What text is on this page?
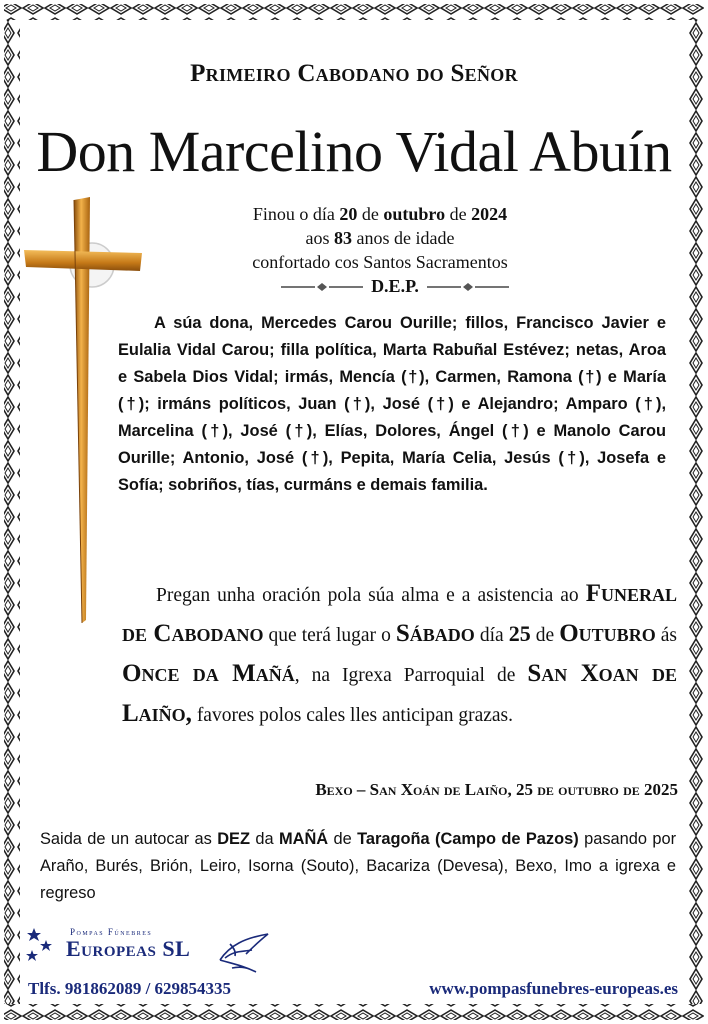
Primeiro Cabodano do Señor
Don Marcelino Vidal Abuín
Finou o día 20 de outubro de 2024
aos 83 anos de idade
confortado cos Santos Sacramentos
D.E.P.
A súa dona, Mercedes Carou Ourille; fillos, Francisco Javier e Eulalia Vidal Carou; filla política, Marta Rabuñal Estévez; netas, Aroa e Sabela Dios Vidal; irmás, Mencía (†), Carmen, Ramona (†) e María (†); irmáns políticos, Juan (†), José (†) e Alejandro; Amparo (†), Marcelina (†), José (†), Elías, Dolores, Ángel (†) e Manolo Carou Ourille; Antonio, José (†), Pepita, María Celia, Jesús (†), Josefa e Sofía; sobriños, tías, curmáns e demais familia.
Pregan unha oración pola súa alma e a asistencia ao Funeral de Cabodano que terá lugar o Sábado día 25 de Outubro ás Once da Mañá, na Igrexa Parroquial de San Xoan de Laiño, favores polos cales lles anticipan grazas.
Bexo – San Xoán de Laiño, 25 de outubro de 2025
Saida de un autocar as DEZ da MAÑÁ de Taragoña (Campo de Pazos) pasando por Araño, Burés, Brión, Leiro, Isorna (Souto), Bacariza (Devesa), Bexo, Imo a igrexa e regreso
Pompas Fúnebres
Europeas SL
Tlfs. 981862089 / 629854335	www.pompasfunebres-europeas.es
